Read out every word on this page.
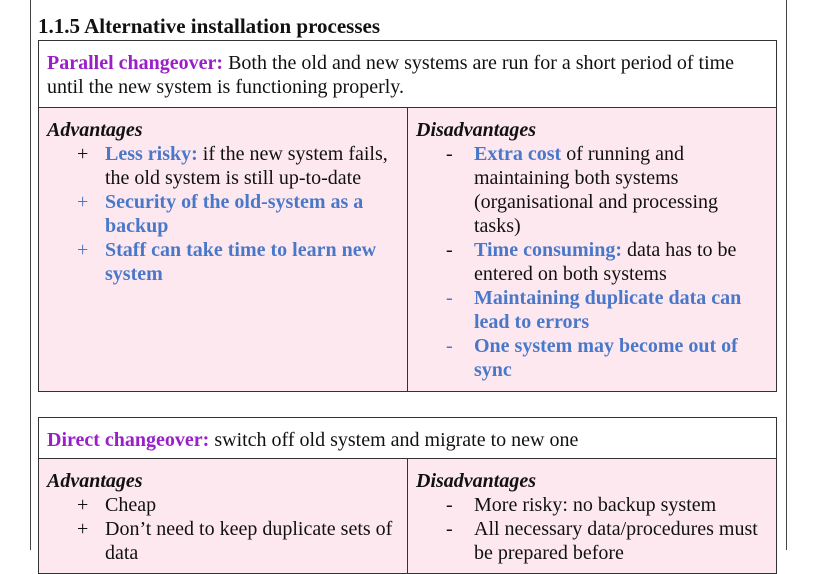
1.1.5 Alternative installation processes
Parallel changeover: Both the old and new systems are run for a short period of time until the new system is functioning properly.

Advantages
+ Less risky: if the new system fails, the old system is still up-to-date
+ Security of the old-system as a backup
+ Staff can take time to learn new system

Disadvantages
- Extra cost of running and maintaining both systems (organisational and processing tasks)
- Time consuming: data has to be entered on both systems
- Maintaining duplicate data can lead to errors
- One system may become out of sync
Direct changeover: switch off old system and migrate to new one

Advantages
+ Cheap
+ Don’t need to keep duplicate sets of data

Disadvantages
- More risky: no backup system
- All necessary data/procedures must be prepared before
